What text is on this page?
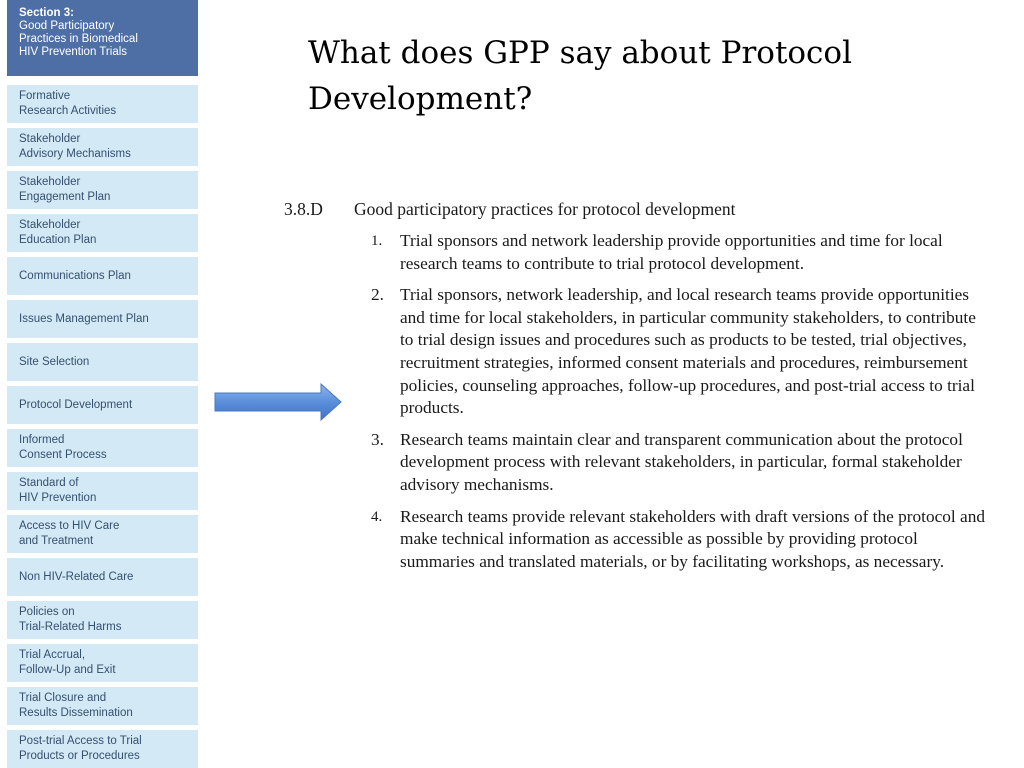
Section 3:
Good Participatory
Practices in Biomedical
HIV Prevention Trials
Formative
Research Activities
Stakeholder
Advisory Mechanisms
Stakeholder
Engagement Plan
Stakeholder
Education Plan
Communications Plan
Issues Management Plan
Site Selection
Protocol Development
Informed
Consent Process
Standard of
HIV Prevention
Access to HIV Care
and Treatment
Non HIV-Related Care
Policies on
Trial-Related Harms
Trial Accrual,
Follow-Up and Exit
Trial Closure and
Results Dissemination
Post-trial Access to Trial
Products or Procedures
What does GPP say about Protocol Development?
3.8.D Good participatory practices for protocol development
1. Trial sponsors and network leadership provide opportunities and time for local research teams to contribute to trial protocol development.
2. Trial sponsors, network leadership, and local research teams provide opportunities and time for local stakeholders, in particular community stakeholders, to contribute to trial design issues and procedures such as products to be tested, trial objectives, recruitment strategies, informed consent materials and procedures, reimbursement policies, counseling approaches, follow-up procedures, and post-trial access to trial products.
3. Research teams maintain clear and transparent communication about the protocol development process with relevant stakeholders, in particular, formal stakeholder advisory mechanisms.
4. Research teams provide relevant stakeholders with draft versions of the protocol and make technical information as accessible as possible by providing protocol summaries and translated materials, or by facilitating workshops, as necessary.
